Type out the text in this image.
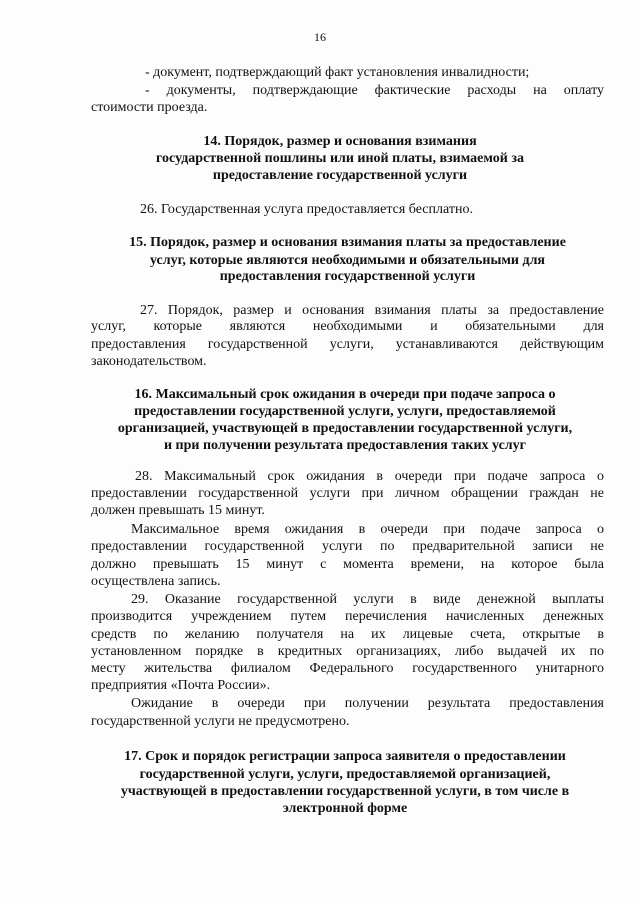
16
- документ, подтверждающий факт установления инвалидности;
- документы, подтверждающие фактические расходы на оплату
стоимости проезда.
14. Порядок, размер и основания взимания
государственной пошлины или иной платы, взимаемой за
предоставление государственной услуги
26. Государственная услуга предоставляется бесплатно.
15. Порядок, размер и основания взимания платы за предоставление
услуг, которые являются необходимыми и обязательными для
предоставления государственной услуги
27. Порядок, размер и основания взимания платы за предоставление
услуг, которые являются необходимыми и обязательными для
предоставления государственной услуги, устанавливаются действующим
законодательством.
16. Максимальный срок ожидания в очереди при подаче запроса о
предоставлении государственной услуги, услуги, предоставляемой
организацией, участвующей в предоставлении государственной услуги,
и при получении результата предоставления таких услуг
28. Максимальный срок ожидания в очереди при подаче запроса о
предоставлении государственной услуги при личном обращении граждан не
должен превышать 15 минут.
Максимальное время ожидания в очереди при подаче запроса о
предоставлении государственной услуги по предварительной записи не
должно превышать 15 минут с момента времени, на которое была
осуществлена запись.
29. Оказание государственной услуги в виде денежной выплаты
производится учреждением путем перечисления начисленных денежных
средств по желанию получателя на их лицевые счета, открытые в
установленном порядке в кредитных организациях, либо выдачей их по
месту жительства филиалом Федерального государственного унитарного
предприятия «Почта России».
Ожидание в очереди при получении результата предоставления
государственной услуги не предусмотрено.
17. Срок и порядок регистрации запроса заявителя о предоставлении
государственной услуги, услуги, предоставляемой организацией,
участвующей в предоставлении государственной услуги, в том числе в
электронной форме
